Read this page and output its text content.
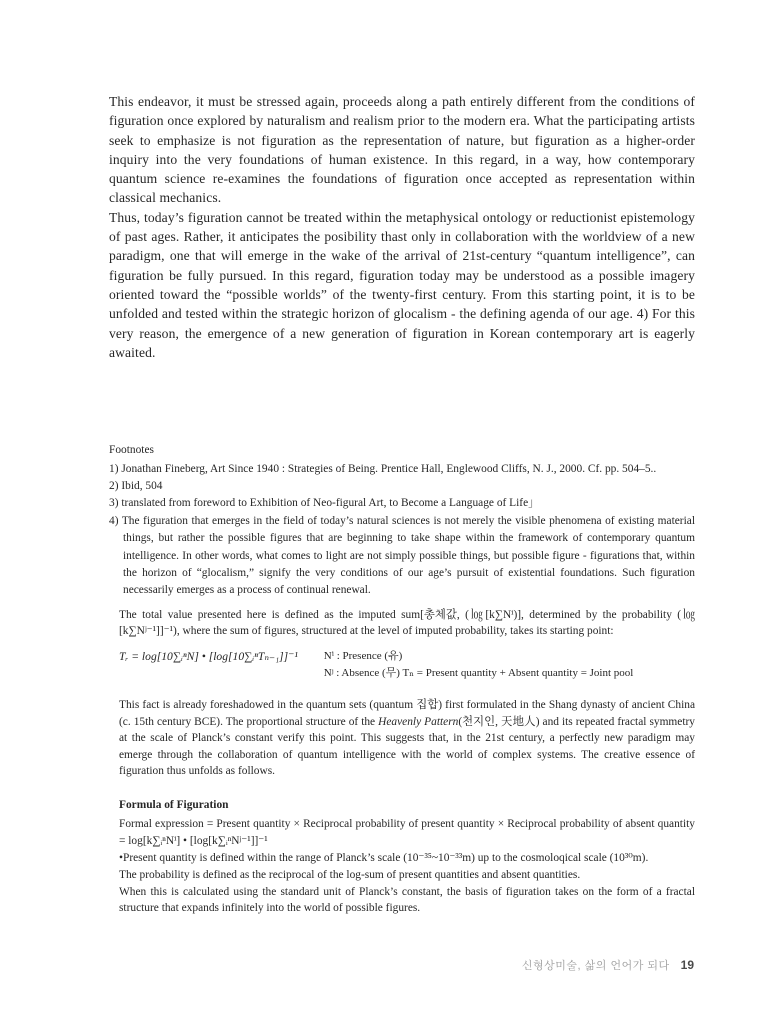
This endeavor, it must be stressed again, proceeds along a path entirely different from the conditions of figuration once explored by naturalism and realism prior to the modern era. What the participating artists seek to emphasize is not figuration as the representation of nature, but figuration as a higher-order inquiry into the very foundations of human existence. In this regard, in a way, how contemporary quantum science re-examines the foundations of figuration once accepted as representation within classical mechanics.

Thus, today’s figuration cannot be treated within the metaphysical ontology or reductionist epistemology of past ages. Rather, it anticipates the posibility thast only in collaboration with the worldview of a new paradigm, one that will emerge in the wake of the arrival of 21st-century “quantum intelligence”, can figuration be fully pursued. In this regard, figuration today may be understood as a possible imagery oriented toward the “possible worlds” of the twenty-first century. From this starting point, it is to be unfolded and tested within the strategic horizon of glocalism - the defining agenda of our age. 4) For this very reason, the emergence of a new generation of figuration in Korean contemporary art is eagerly awaited.

Footnotes
1) Jonathan Fineberg, Art Since 1940 : Strategies of Being. Prentice Hall, Englewood Cliffs, N. J., 2000. Cf. pp. 504–5..
2) Ibid, 504
3) translated from foreword to Exhibition of Neo-figural Art, to Become a Language of Life」
4) The figuration that emerges in the field of today’s natural sciences is not merely the visible phenomena of existing material things, but rather the possible figures that are beginning to take shape within the framework of contemporary quantum intelligence. In other words, what comes to light are not simply possible things, but possible figure - figurations that, within the horizon of “glocalism,” signify the very conditions of our age’s pursuit of existential foundations. Such figuration necessarily emerges as a process of continual renewal.

The total value presented here is defined as the imputed sum[총체값, (㏒[k∑Nⁱ)], determined by the probability (㏒[k∑Nʲ⁻¹]]⁻¹), where the sum of figures, structured at the level of imputed probability, takes its starting point:

Tᵣ = log[10∑ᵢⁿN] • [log[10∑ᵢⁿTₙ₋₁]]⁻¹ Nⁱ : Presence (유)
Nʲ : Absence (무) Tₙ = Present quantity + Absent quantity = Joint pool

This fact is already foreshadowed in the quantum sets (quantum 집합) first formulated in the Shang dynasty of ancient China (c. 15th century BCE). The proportional structure of the Heavenly Pattern(천지인, 天地人) and its repeated fractal symmetry at the scale of Planck’s constant verify this point. This suggests that, in the 21st century, a perfectly new paradigm may emerge through the collaboration of quantum intelligence with the world of complex systems. The creative essence of figuration thus unfolds as follows.

Formula of Figuration

Formal expression = Present quantity × Reciprocal probability of present quantity × Reciprocal probability of absent quantity = log[k∑ᵢⁿNⁱ] • [log[k∑ᵢⁿNʲ⁻¹]]⁻¹

•Present quantity is defined within the range of Planck’s scale (10⁻³⁵~10⁻³³m) up to the cosmoloqical scale (10³⁰m).

The probability is defined as the reciprocal of the log-sum of present quantities and absent quantities.

When this is calculated using the standard unit of Planck’s constant, the basis of figuration takes on the form of a fractal structure that expands infinitely into the world of possible figures.

신형상미술, 삶의 언어가 되다 19
